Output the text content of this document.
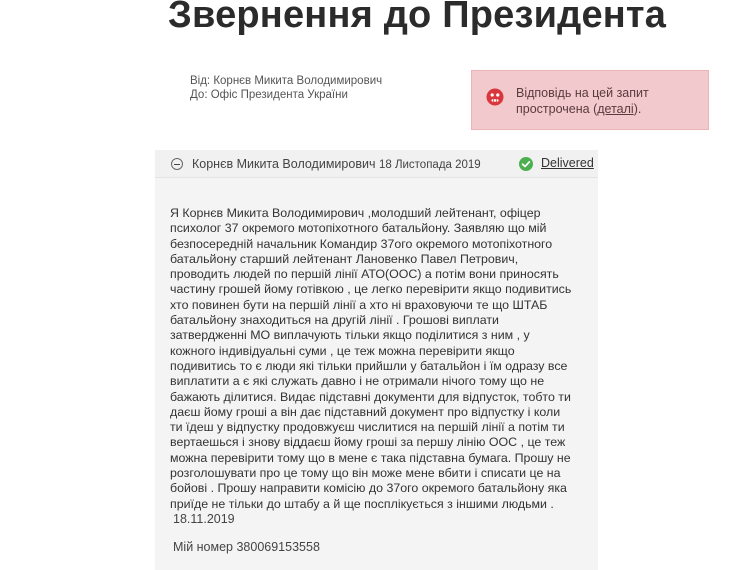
Звернення до Президента
Від: Корнєв Микита Володимирович
До: Офіс Президента України	Відповідь на цей запит прострочена (деталі).
Корнєв Микита Володимирович 18 Листопада 2019	Delivered
Я Корнєв Микита Володимирович ,молодший лейтенант, офіцер
психолог 37 окремого мотопіхотного батальйону. Заявляю що мій
безпосередній начальник Командир 37ого окремого мотопіхотного
батальйону старший лейтенант Лановенко Павел Петрович,
проводить людей по першій лінії АТО(ООС) а потім вони приносять
частину грошей йому готівкою , це легко перевірити якщо подивитись
хто повинен бути на першій лінії а хто ні враховуючи те що ШТАБ
батальйону знаходиться на другій лінії . Грошові виплати
затвердженні МО виплачують тільки якщо поділитися з ним , у
кожного індивідуальні суми , це теж можна перевірити якщо
подивитись то є люди які тільки прийшли у батальйон і їм одразу все
виплатити а є які служать давно і не отримали нічого тому що не
бажають ділитися. Видає підставні документи для відпусток, тобто ти
даєш йому гроші а він дає підставний документ про відпустку і коли
ти їдеш у відпустку продовжуєш числитися на першій лінії а потім ти
вертаешься і знову віддаєш йому гроші за першу лінію ООС , це теж
можна перевірити тому що в мене є така підставна бумага. Прошу не
розголошувати про це тому що він може мене вбити і списати це на
бойові . Прошу направити комісію до 37ого окремого батальйону яка
приїде не тільки до штабу а й ще посплікується з іншими людьми .
18.11.2019
Мій номер 380069153558
